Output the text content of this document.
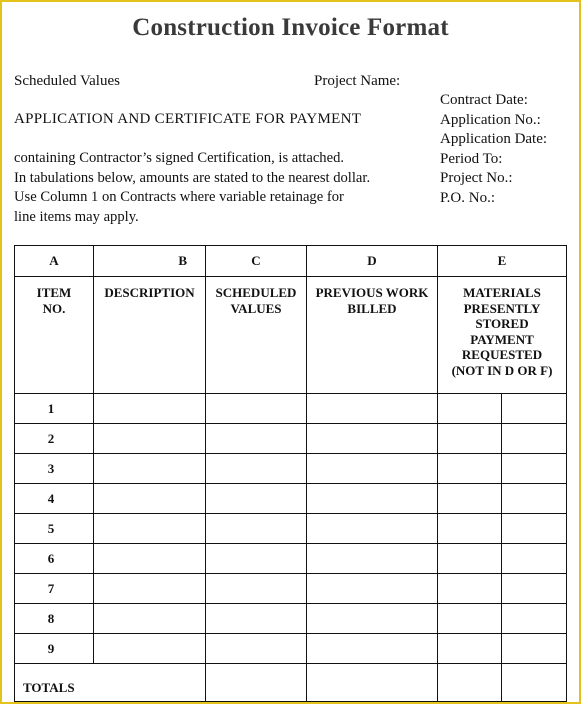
Construction Invoice Format
Scheduled Values	Project Name:
APPLICATION AND CERTIFICATE FOR PAYMENT
containing Contractor’s signed Certification, is attached.
In tabulations below, amounts are stated to the nearest dollar.
Use Column 1 on Contracts where variable retainage for
line items may apply.
Contract Date:
Application No.:
Application Date:
Period To:
Project No.:
P.O. No.:
A	B	C	D	E	
ITEM NO.	DESCRIPTION	SCHEDULED VALUES	PREVIOUS WORK BILLED	MATERIALS PRESENTLY STORED PAYMENT REQUESTED (NOT IN D OR F)	
1					
2					
3					
4					
5					
6					
7					
8					
9					
TOTALS					
